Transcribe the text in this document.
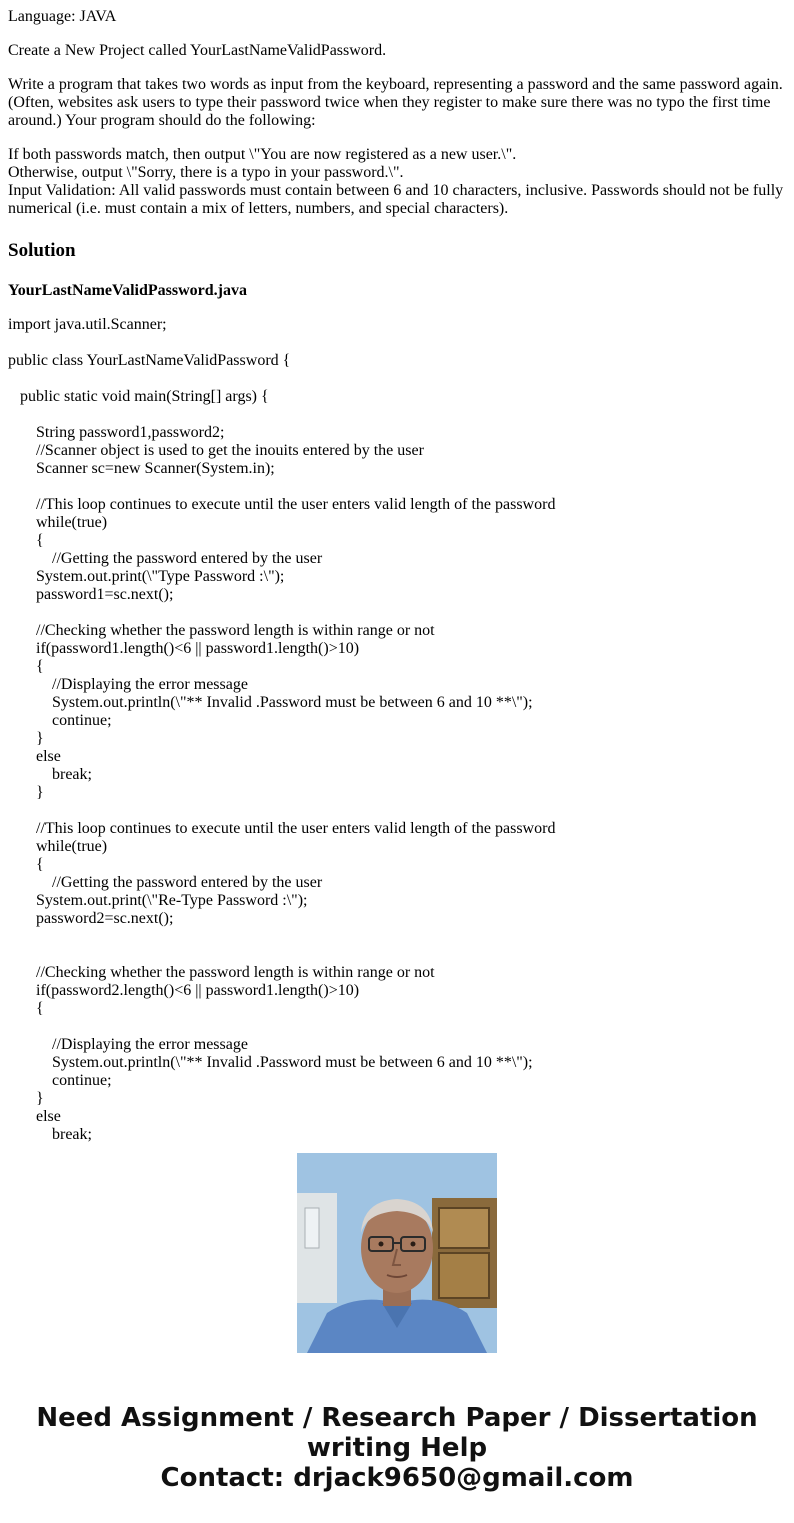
Language: JAVA

Create a New Project called YourLastNameValidPassword.

Write a program that takes two words as input from the keyboard, representing a password and the same password again. (Often, websites ask users to type their password twice when they register to make sure there was no typo the first time around.) Your program should do the following:

If both passwords match, then output \"You are now registered as a new user.\".
Otherwise, output \"Sorry, there is a typo in your password.\".
Input Validation: All valid passwords must contain between 6 and 10 characters, inclusive. Passwords should not be fully numerical (i.e. must contain a mix of letters, numbers, and special characters).

Solution
YourLastNameValidPassword.java
import java.util.Scanner;
public class YourLastNameValidPassword {
public static void main(String[] args) {
String password1,password2;
//Scanner object is used to get the inouits entered by the user
Scanner sc=new Scanner(System.in);
//This loop continues to execute until the user enters valid length of the password
while(true)
{
//Getting the password entered by the user
System.out.print(\"Type Password :\");
password1=sc.next();
//Checking whether the password length is within range or not
if(password1.length()<6 || password1.length()>10)
{
//Displaying the error message
System.out.println(\"** Invalid .Password must be between 6 and 10 **\");
continue;
}
else
break;
}
//This loop continues to execute until the user enters valid length of the password
while(true)
{
//Getting the password entered by the user
System.out.print(\"Re-Type Password :\");
password2=sc.next();
//Checking whether the password length is within range or not
if(password2.length()<6 || password1.length()>10)
{
//Displaying the error message
System.out.println(\"** Invalid .Password must be between 6 and 10 **\");
continue;
}
else
break;
Need Assignment / Research Paper / Dissertation
writing Help
Contact: drjack9650@gmail.com
